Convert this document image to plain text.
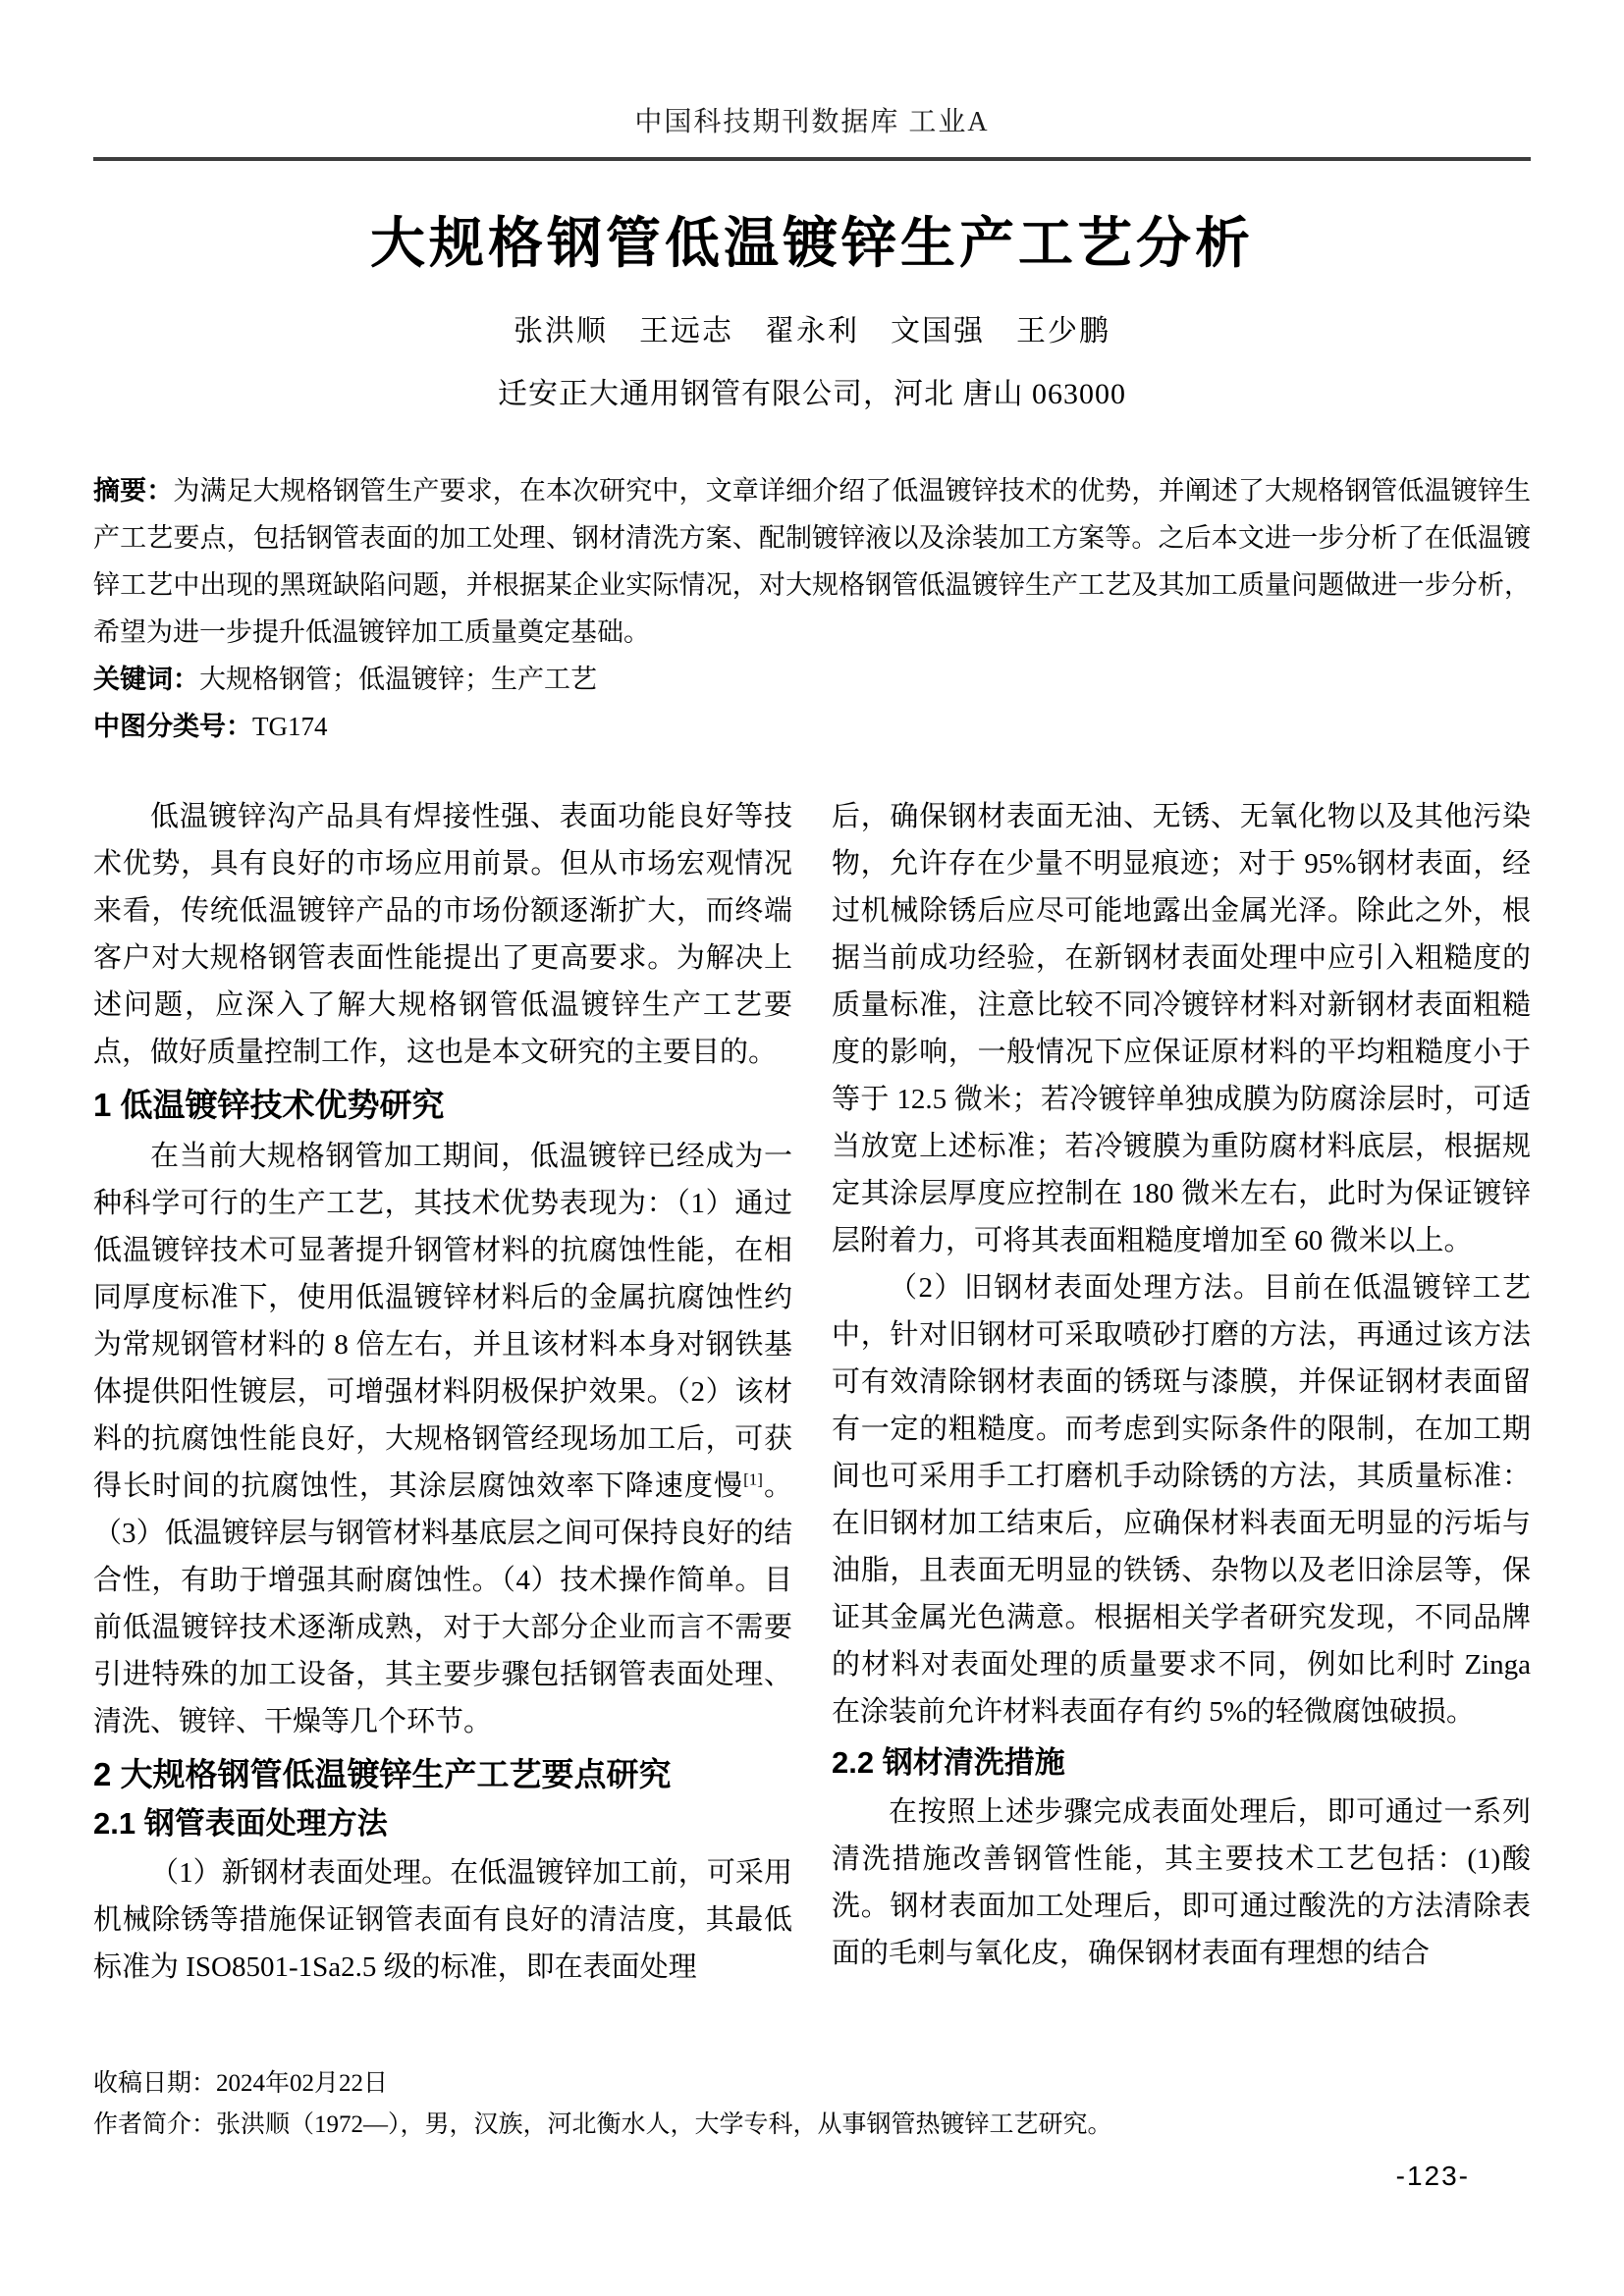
中国科技期刊数据库 工业A
大规格钢管低温镀锌生产工艺分析
张洪顺　王远志　翟永利　文国强　王少鹏
迁安正大通用钢管有限公司，河北 唐山 063000

摘要：为满足大规格钢管生产要求，在本次研究中，文章详细介绍了低温镀锌技术的优势，并阐述了大规格钢管低温镀锌生产工艺要点，包括钢管表面的加工处理、钢材清洗方案、配制镀锌液以及涂装加工方案等。之后本文进一步分析了在低温镀锌工艺中出现的黑斑缺陷问题，并根据某企业实际情况，对大规格钢管低温镀锌生产工艺及其加工质量问题做进一步分析，希望为进一步提升低温镀锌加工质量奠定基础。

关键词：大规格钢管；低温镀锌；生产工艺

中图分类号：TG174

低温镀锌沟产品具有焊接性强、表面功能良好等技术优势，具有良好的市场应用前景。但从市场宏观情况来看，传统低温镀锌产品的市场份额逐渐扩大，而终端客户对大规格钢管表面性能提出了更高要求。为解决上述问题，应深入了解大规格钢管低温镀锌生产工艺要点，做好质量控制工作，这也是本文研究的主要目的。

1 低温镀锌技术优势研究

在当前大规格钢管加工期间，低温镀锌已经成为一种科学可行的生产工艺，其技术优势表现为：（1）通过低温镀锌技术可显著提升钢管材料的抗腐蚀性能，在相同厚度标准下，使用低温镀锌材料后的金属抗腐蚀性约为常规钢管材料的 8 倍左右，并且该材料本身对钢铁基体提供阳性镀层，可增强材料阴极保护效果。（2）该材料的抗腐蚀性能良好，大规格钢管经现场加工后，可获得长时间的抗腐蚀性，其涂层腐蚀效率下降速度慢[1]。（3）低温镀锌层与钢管材料基底层之间可保持良好的结合性，有助于增强其耐腐蚀性。（4）技术操作简单。目前低温镀锌技术逐渐成熟，对于大部分企业而言不需要引进特殊的加工设备，其主要步骤包括钢管表面处理、清洗、镀锌、干燥等几个环节。

2 大规格钢管低温镀锌生产工艺要点研究
2.1 钢管表面处理方法

（1）新钢材表面处理。在低温镀锌加工前，可采用机械除锈等措施保证钢管表面有良好的清洁度，其最低标准为 ISO8501-1Sa2.5 级的标准，即在表面处理

后，确保钢材表面无油、无锈、无氧化物以及其他污染物，允许存在少量不明显痕迹；对于 95%钢材表面，经过机械除锈后应尽可能地露出金属光泽。除此之外，根据当前成功经验，在新钢材表面处理中应引入粗糙度的质量标准，注意比较不同冷镀锌材料对新钢材表面粗糙度的影响，一般情况下应保证原材料的平均粗糙度小于等于 12.5 微米；若冷镀锌单独成膜为防腐涂层时，可适当放宽上述标准；若冷镀膜为重防腐材料底层，根据规定其涂层厚度应控制在 180 微米左右，此时为保证镀锌层附着力，可将其表面粗糙度增加至 60 微米以上。

（2）旧钢材表面处理方法。目前在低温镀锌工艺中，针对旧钢材可采取喷砂打磨的方法，再通过该方法可有效清除钢材表面的锈斑与漆膜，并保证钢材表面留有一定的粗糙度。而考虑到实际条件的限制，在加工期间也可采用手工打磨机手动除锈的方法，其质量标准：在旧钢材加工结束后，应确保材料表面无明显的污垢与油脂，且表面无明显的铁锈、杂物以及老旧涂层等，保证其金属光色满意。根据相关学者研究发现，不同品牌的材料对表面处理的质量要求不同，例如比利时 Zinga 在涂装前允许材料表面存有约 5%的轻微腐蚀破损。

2.2 钢材清洗措施

在按照上述步骤完成表面处理后，即可通过一系列清洗措施改善钢管性能，其主要技术工艺包括：(1)酸洗。钢材表面加工处理后，即可通过酸洗的方法清除表面的毛刺与氧化皮，确保钢材表面有理想的结合

收稿日期：2024年02月22日
作者简介：张洪顺（1972—），男，汉族，河北衡水人，大学专科，从事钢管热镀锌工艺研究。
-123-
